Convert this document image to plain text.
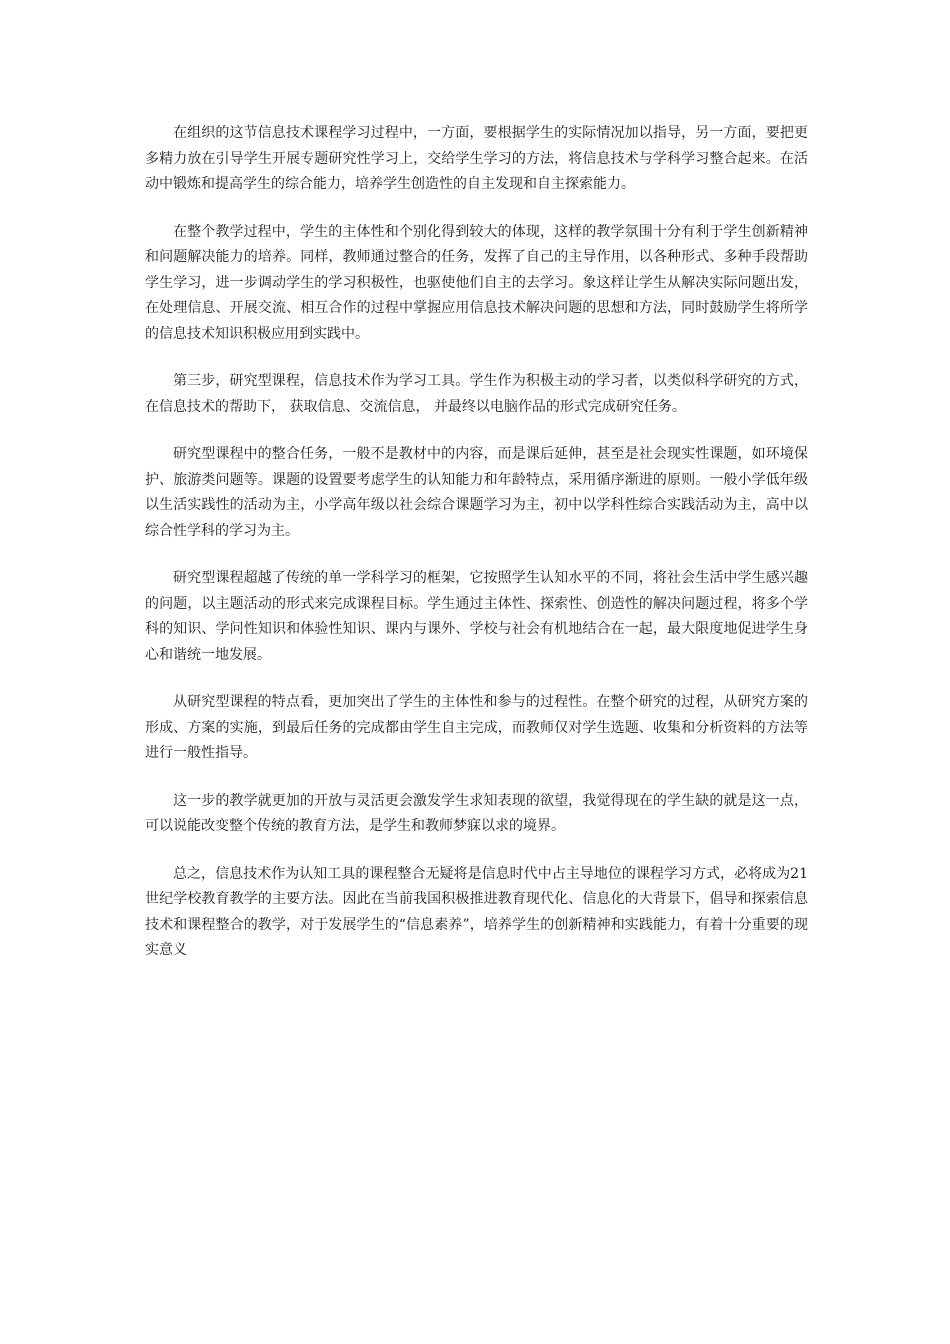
在组织的这节信息技术课程学习过程中，一方面，要根据学生的实际情况加以指导，另一方面，要把更多精力放在引导学生开展专题研究性学习上，交给学生学习的方法，将信息技术与学科学习整合起来。在活动中锻炼和提高学生的综合能力，培养学生创造性的自主发现和自主探索能力。

在整个教学过程中，学生的主体性和个别化得到较大的体现，这样的教学氛围十分有利于学生创新精神和问题解决能力的培养。同样，教师通过整合的任务，发挥了自己的主导作用，以各种形式、多种手段帮助学生学习，进一步调动学生的学习积极性，也驱使他们自主的去学习。象这样让学生从解决实际问题出发，在处理信息、开展交流、相互合作的过程中掌握应用信息技术解决问题的思想和方法，同时鼓励学生将所学的信息技术知识积极应用到实践中。

第三步，研究型课程，信息技术作为学习工具。学生作为积极主动的学习者，以类似科学研究的方式，在信息技术的帮助下， 获取信息、交流信息， 并最终以电脑作品的形式完成研究任务。

研究型课程中的整合任务，一般不是教材中的内容，而是课后延伸，甚至是社会现实性课题，如环境保护、旅游类问题等。课题的设置要考虑学生的认知能力和年龄特点，采用循序渐进的原则。一般小学低年级以生活实践性的活动为主，小学高年级以社会综合课题学习为主，初中以学科性综合实践活动为主，高中以综合性学科的学习为主。

研究型课程超越了传统的单一学科学习的框架，它按照学生认知水平的不同，将社会生活中学生感兴趣的问题，以主题活动的形式来完成课程目标。学生通过主体性、探索性、创造性的解决问题过程，将多个学科的知识、学问性知识和体验性知识、课内与课外、学校与社会有机地结合在一起，最大限度地促进学生身心和谐统一地发展。

从研究型课程的特点看，更加突出了学生的主体性和参与的过程性。在整个研究的过程，从研究方案的形成、方案的实施，到最后任务的完成都由学生自主完成，而教师仅对学生选题、收集和分析资料的方法等进行一般性指导。

这一步的教学就更加的开放与灵活更会激发学生求知表现的欲望，我觉得现在的学生缺的就是这一点，可以说能改变整个传统的教育方法，是学生和教师梦寐以求的境界。

总之，信息技术作为认知工具的课程整合无疑将是信息时代中占主导地位的课程学习方式，必将成为21世纪学校教育教学的主要方法。因此在当前我国积极推进教育现代化、信息化的大背景下，倡导和探索信息技术和课程整合的教学，对于发展学生的“信息素养”，培养学生的创新精神和实践能力，有着十分重要的现实意义
